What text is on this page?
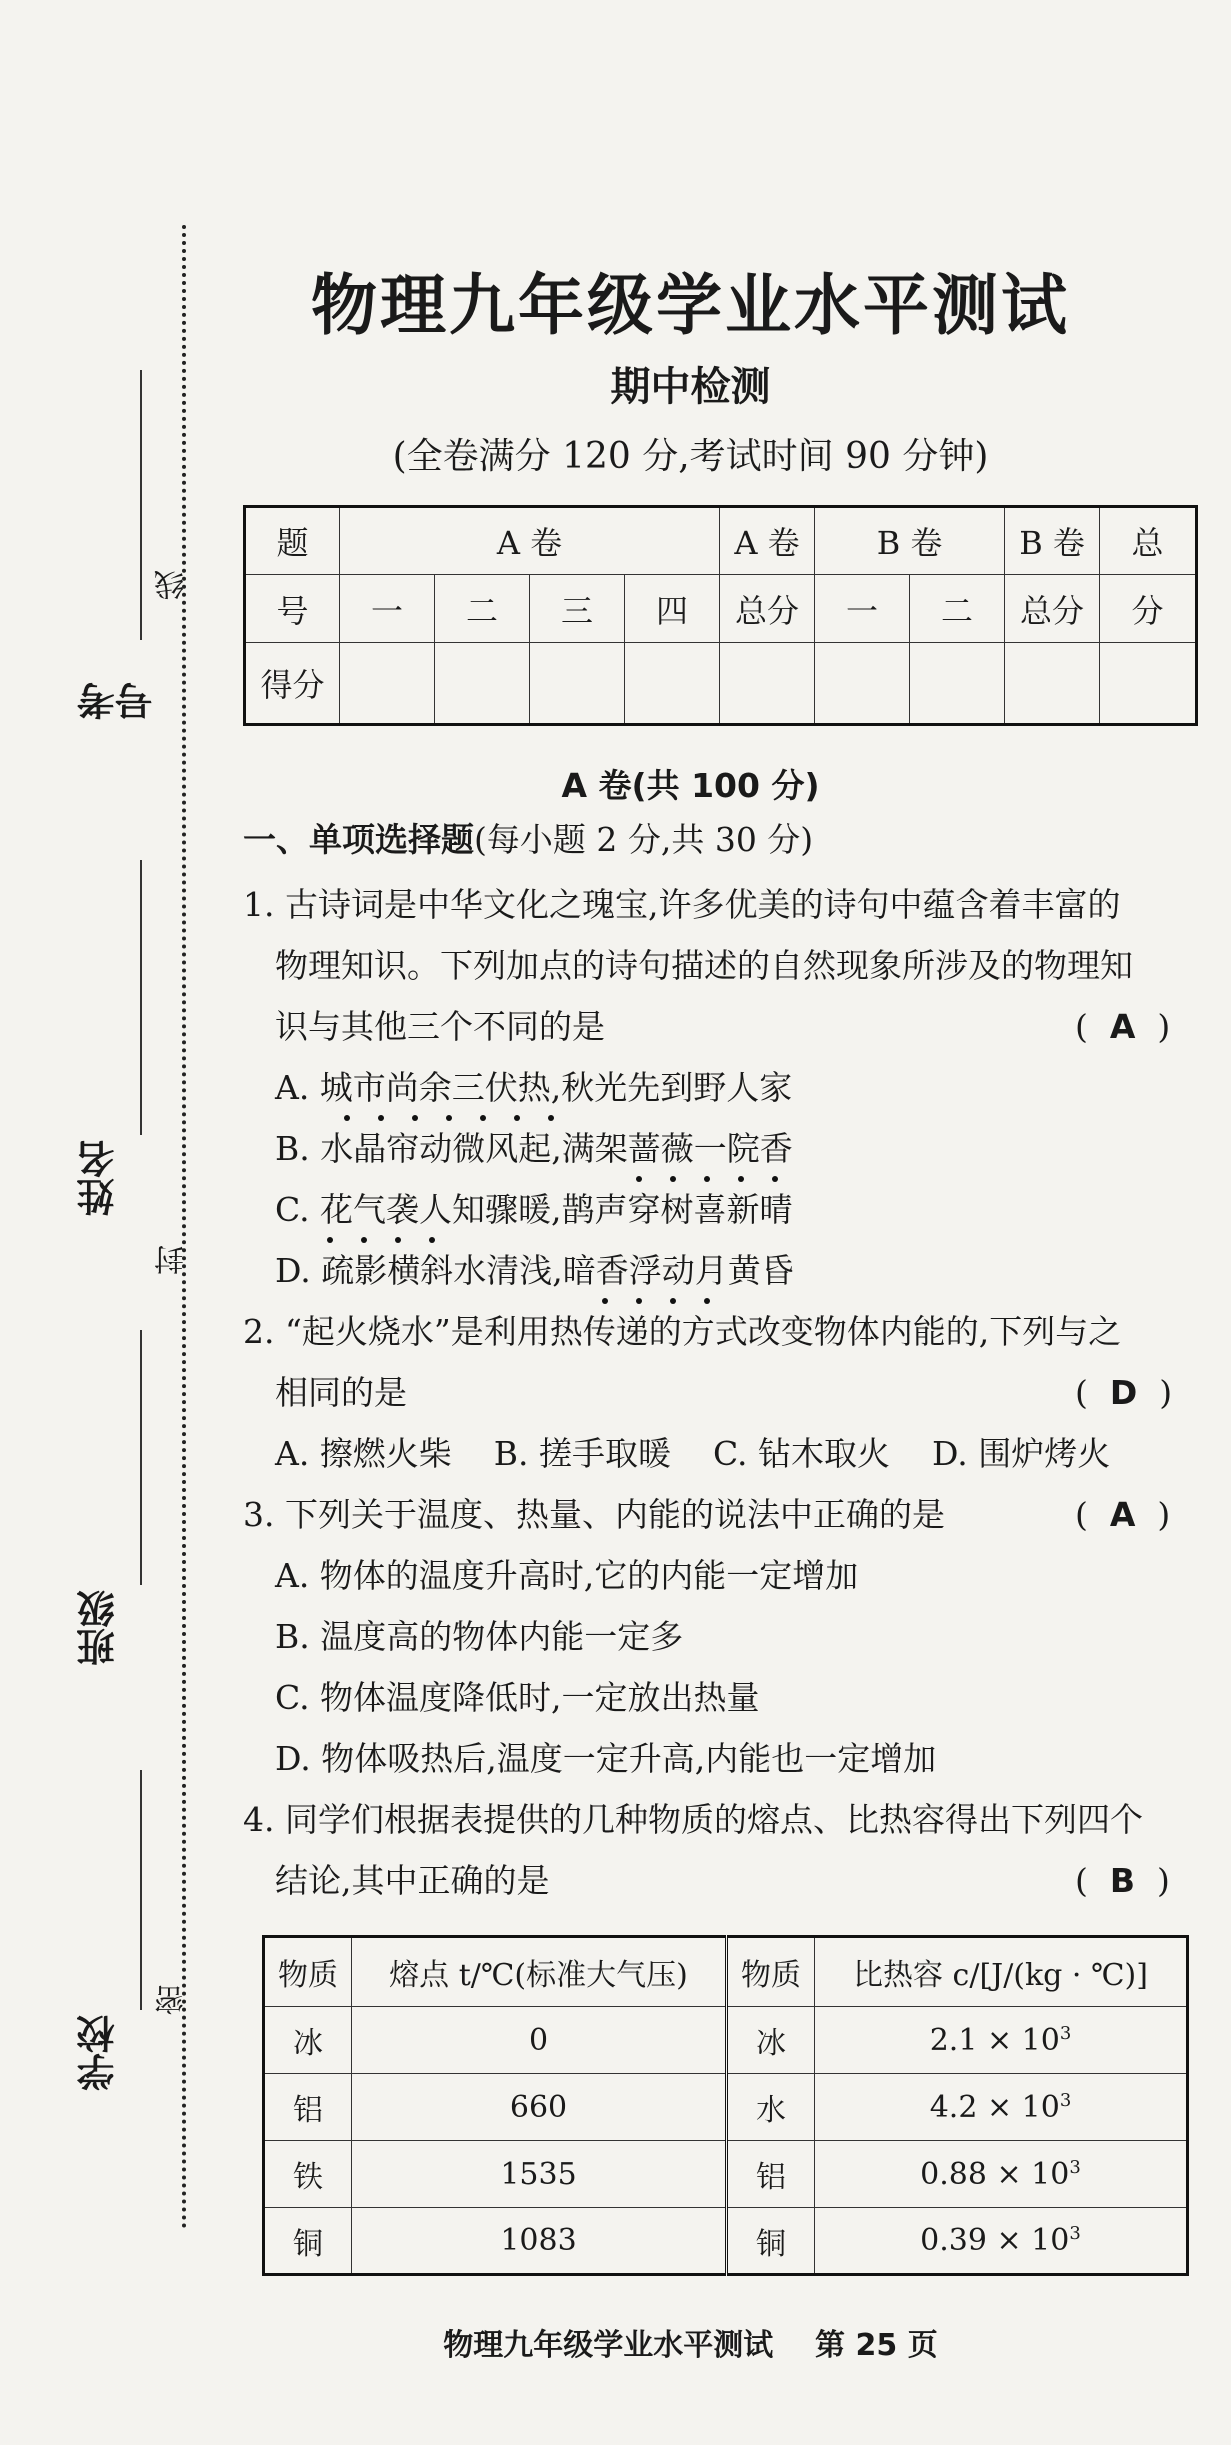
考号
线
姓名
封
班级
学校
密
物理九年级学业水平测试
期中检测
(全卷满分 120 分,考试时间 90 分钟)
题	A 卷				A 卷	B 卷		B 卷	总
号	一	二	三	四	总分	一	二	总分	分
得分									
A 卷(共 100 分)
一、单项选择题(每小题 2 分,共 30 分)
1. 古诗词是中华文化之瑰宝,许多优美的诗句中蕴含着丰富的
物理知识。下列加点的诗句描述的自然现象所涉及的物理知
识与其他三个不同的是	( A )
A. 城市尚余三伏热,秋光先到野人家
B. 水晶帘动微风起,满架蔷薇一院香
C. 花气袭人知骤暖,鹊声穿树喜新晴
D. 疏影横斜水清浅,暗香浮动月黄昏
2. “起火烧水”是利用热传递的方式改变物体内能的,下列与之
相同的是	( D )
A. 擦燃火柴    B. 搓手取暖    C. 钻木取火    D. 围炉烤火
3. 下列关于温度、热量、内能的说法中正确的是	( A )
A. 物体的温度升高时,它的内能一定增加
B. 温度高的物体内能一定多
C. 物体温度降低时,一定放出热量
D. 物体吸热后,温度一定升高,内能也一定增加
4. 同学们根据表提供的几种物质的熔点、比热容得出下列四个
结论,其中正确的是	( B )
物质	熔点 t/℃(标准大气压)	物质	比热容 c/[J/(kg · ℃)]
冰	0	冰	$2.1 \times 10^3$
铝	660	水	$4.2 \times 10^3$
铁	1535	铝	$0.88 \times 10^3$
铜	1083	铜	$0.39 \times 10^3$
物理九年级学业水平测试    第 25 页
